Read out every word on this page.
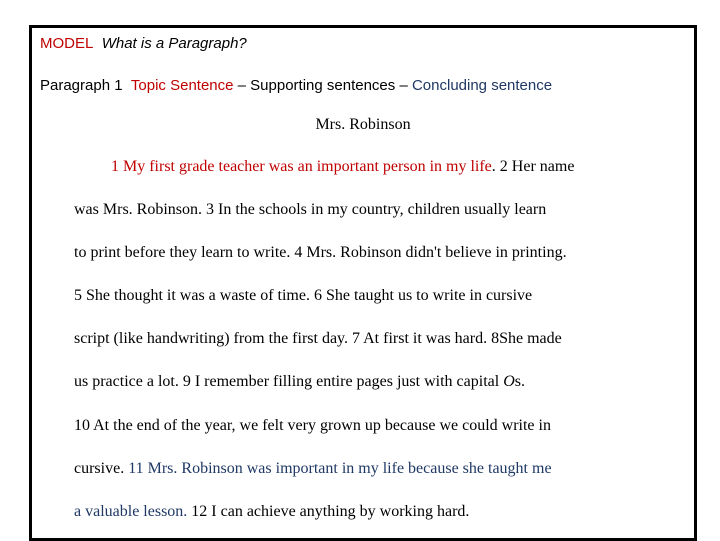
MODEL What is a Paragraph?
Paragraph 1 Topic Sentence – Supporting sentences – Concluding sentence
Mrs. Robinson
1 My first grade teacher was an important person in my life. 2 Her name
was Mrs. Robinson. 3 In the schools in my country, children usually learn
to print before they learn to write. 4 Mrs. Robinson didn't believe in printing.
5 She thought it was a waste of time. 6 She taught us to write in cursive
script (like handwriting) from the first day. 7 At first it was hard. 8She made
us practice a lot. 9 I remember filling entire pages just with capital Os.
10 At the end of the year, we felt very grown up because we could write in
cursive. 11 Mrs. Robinson was important in my life because she taught me
a valuable lesson. 12 I can achieve anything by working hard.
